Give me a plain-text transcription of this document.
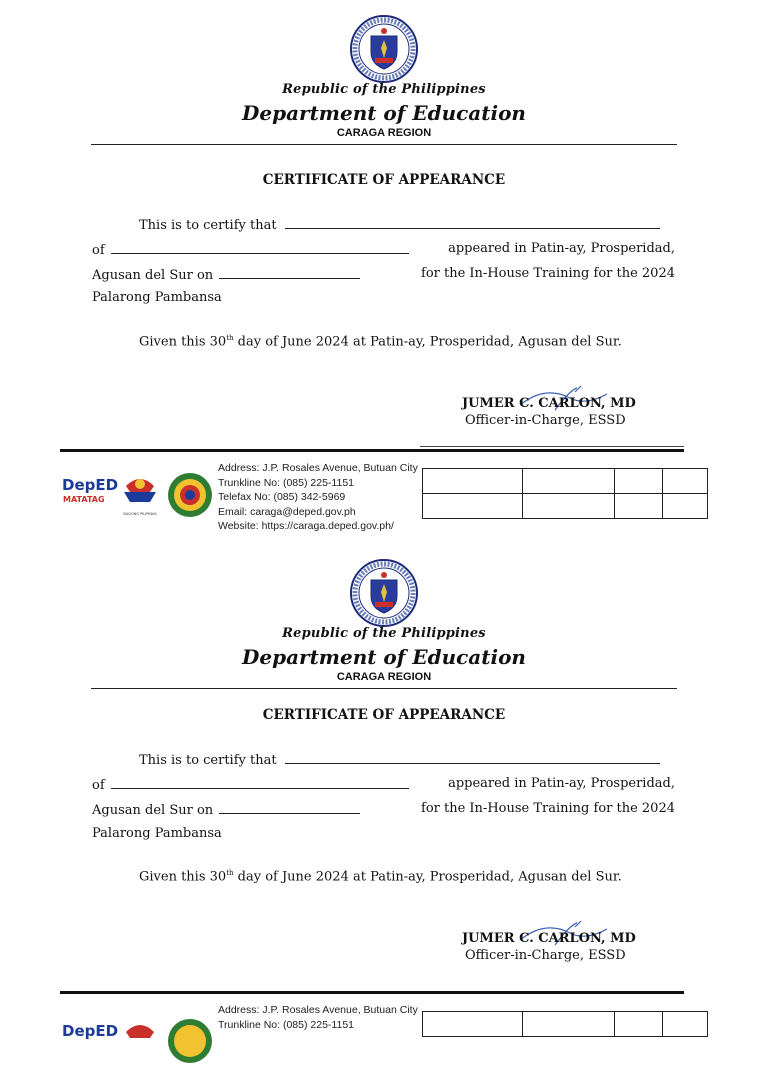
Republic of the Philippines
Department of Education
CARAGA REGION
CERTIFICATE OF APPEARANCE
This is to certify that
of	appeared in Patin-ay, Prosperidad,
Agusan del Sur on	for the In-House Training for the 2024
Palarong Pambansa
Given this 30th day of June 2024 at Patin-ay, Prosperidad, Agusan del Sur.
JUMER C. CARLON, MD
Officer-in-Charge, ESSD
DepED
MATATAG
BAGONG PILIPINAS
Address: J.P. Rosales Avenue, Butuan City
Trunkline No: (085) 225-1151
Telefax No: (085) 342-5969
Email: caraga@deped.gov.ph
Website: https://caraga.deped.gov.ph/

Republic of the Philippines
Department of Education
CARAGA REGION
CERTIFICATE OF APPEARANCE
This is to certify that
of	appeared in Patin-ay, Prosperidad,
Agusan del Sur on	for the In-House Training for the 2024
Palarong Pambansa
Given this 30th day of June 2024 at Patin-ay, Prosperidad, Agusan del Sur.
JUMER C. CARLON, MD
Officer-in-Charge, ESSD
DepED
Address: J.P. Rosales Avenue, Butuan City
Trunkline No: (085) 225-1151
